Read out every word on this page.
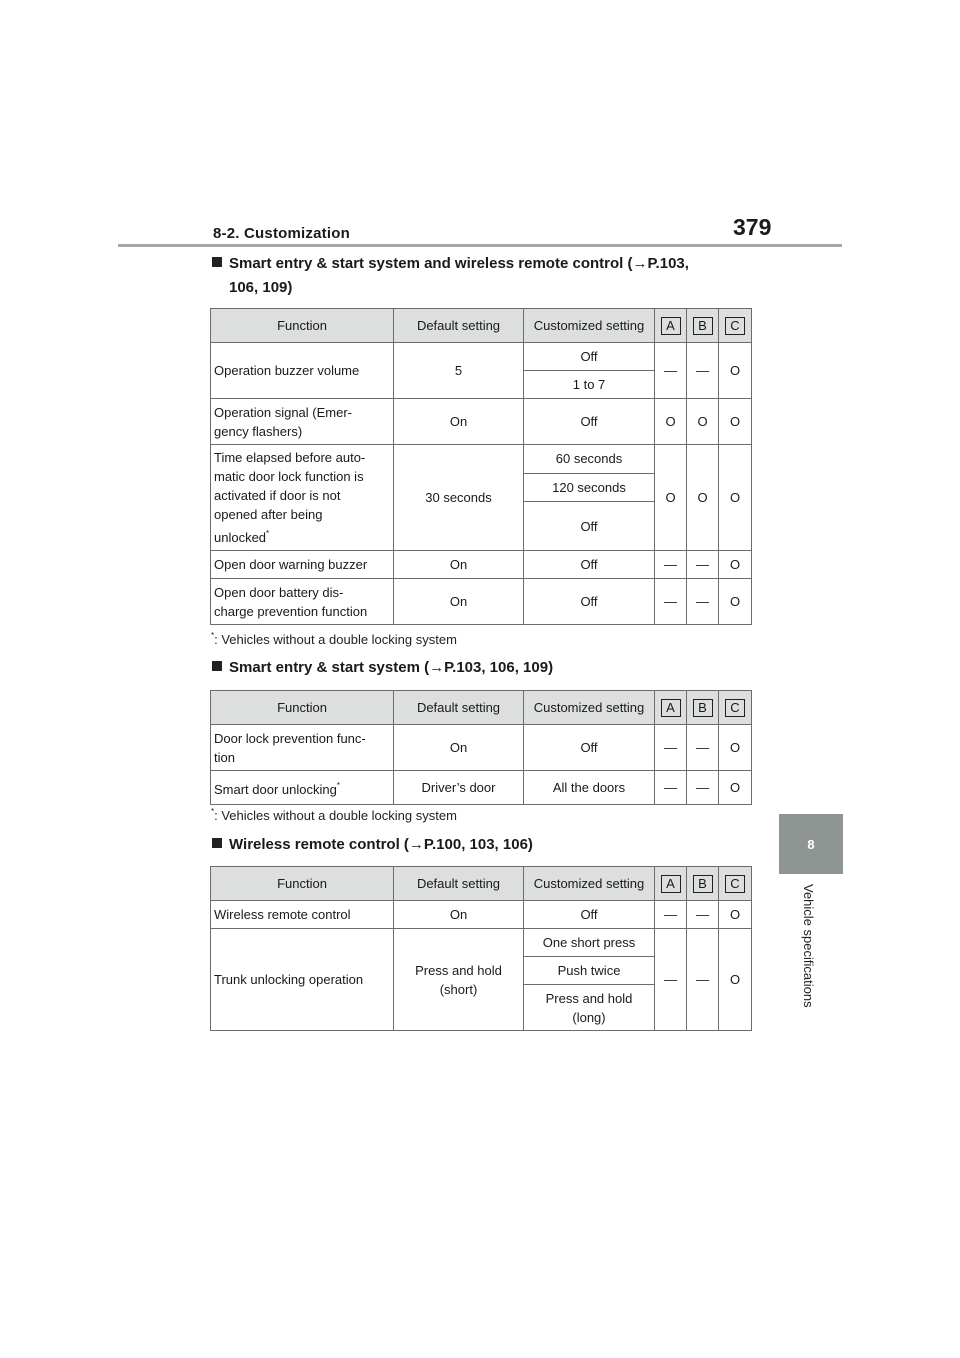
8-2. Customization	379
8
Vehicle specifications
Smart entry & start system and wireless remote control (→P.103,
106, 109)
Function	Default setting	Customized setting	A	B	C
Operation buzzer volume	5	Off	—	—	O
		1 to 7			
Operation signal (Emer-
gency flashers)	On	Off	O	O	O
Time elapsed before auto-
matic door lock function is
activated if door is not
opened after being
unlocked*	30 seconds	60 seconds	O	O	O
		120 seconds			
		Off			
Open door warning buzzer	On	Off	—	—	O
Open door battery dis-
charge prevention function	On	Off	—	—	O
*: Vehicles without a double locking system
Smart entry & start system (→P.103, 106, 109)
Function	Default setting	Customized setting	A	B	C
Door lock prevention func-
tion	On	Off	—	—	O
Smart door unlocking*	Driver’s door	All the doors	—	—	O
*: Vehicles without a double locking system
Wireless remote control (→P.100, 103, 106)
Function	Default setting	Customized setting	A	B	C
Wireless remote control	On	Off	—	—	O
Trunk unlocking operation	Press and hold
(short)	One short press	—	—	O
		Push twice			
		Press and hold
(long)			
